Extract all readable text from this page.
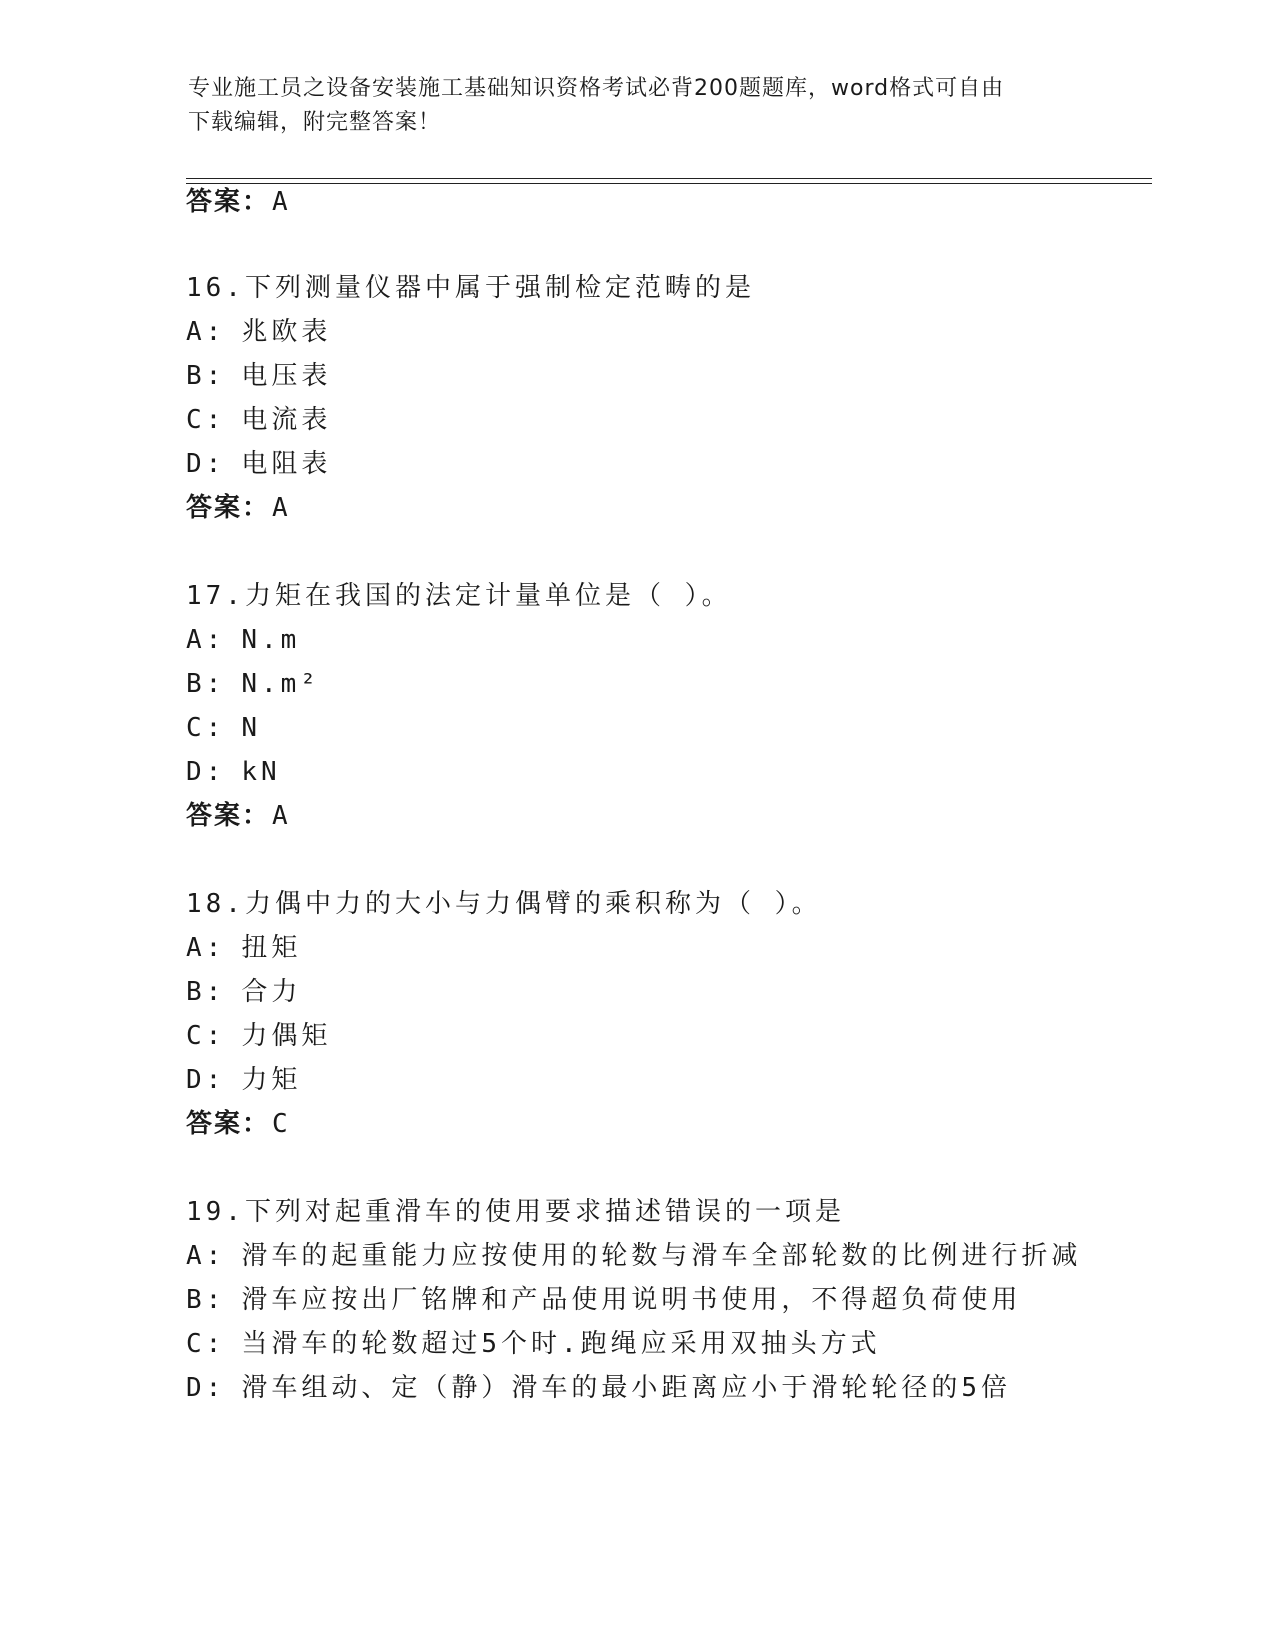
专业施工员之设备安装施工基础知识资格考试必背200题题库，word格式可自由
下载编辑，附完整答案！
答案：A
16.下列测量仪器中属于强制检定范畴的是
A: 兆欧表
B: 电压表
C: 电流表
D: 电阻表
答案：A
17.力矩在我国的法定计量单位是（ ）。
A: N.m
B: N.m²
C: N
D: kN
答案：A
18.力偶中力的大小与力偶臂的乘积称为（ ）。
A: 扭矩
B: 合力
C: 力偶矩
D: 力矩
答案：C
19.下列对起重滑车的使用要求描述错误的一项是
A: 滑车的起重能力应按使用的轮数与滑车全部轮数的比例进行折减
B: 滑车应按出厂铭牌和产品使用说明书使用，不得超负荷使用
C: 当滑车的轮数超过5个时.跑绳应采用双抽头方式
D: 滑车组动、定（静）滑车的最小距离应小于滑轮轮径的5倍
